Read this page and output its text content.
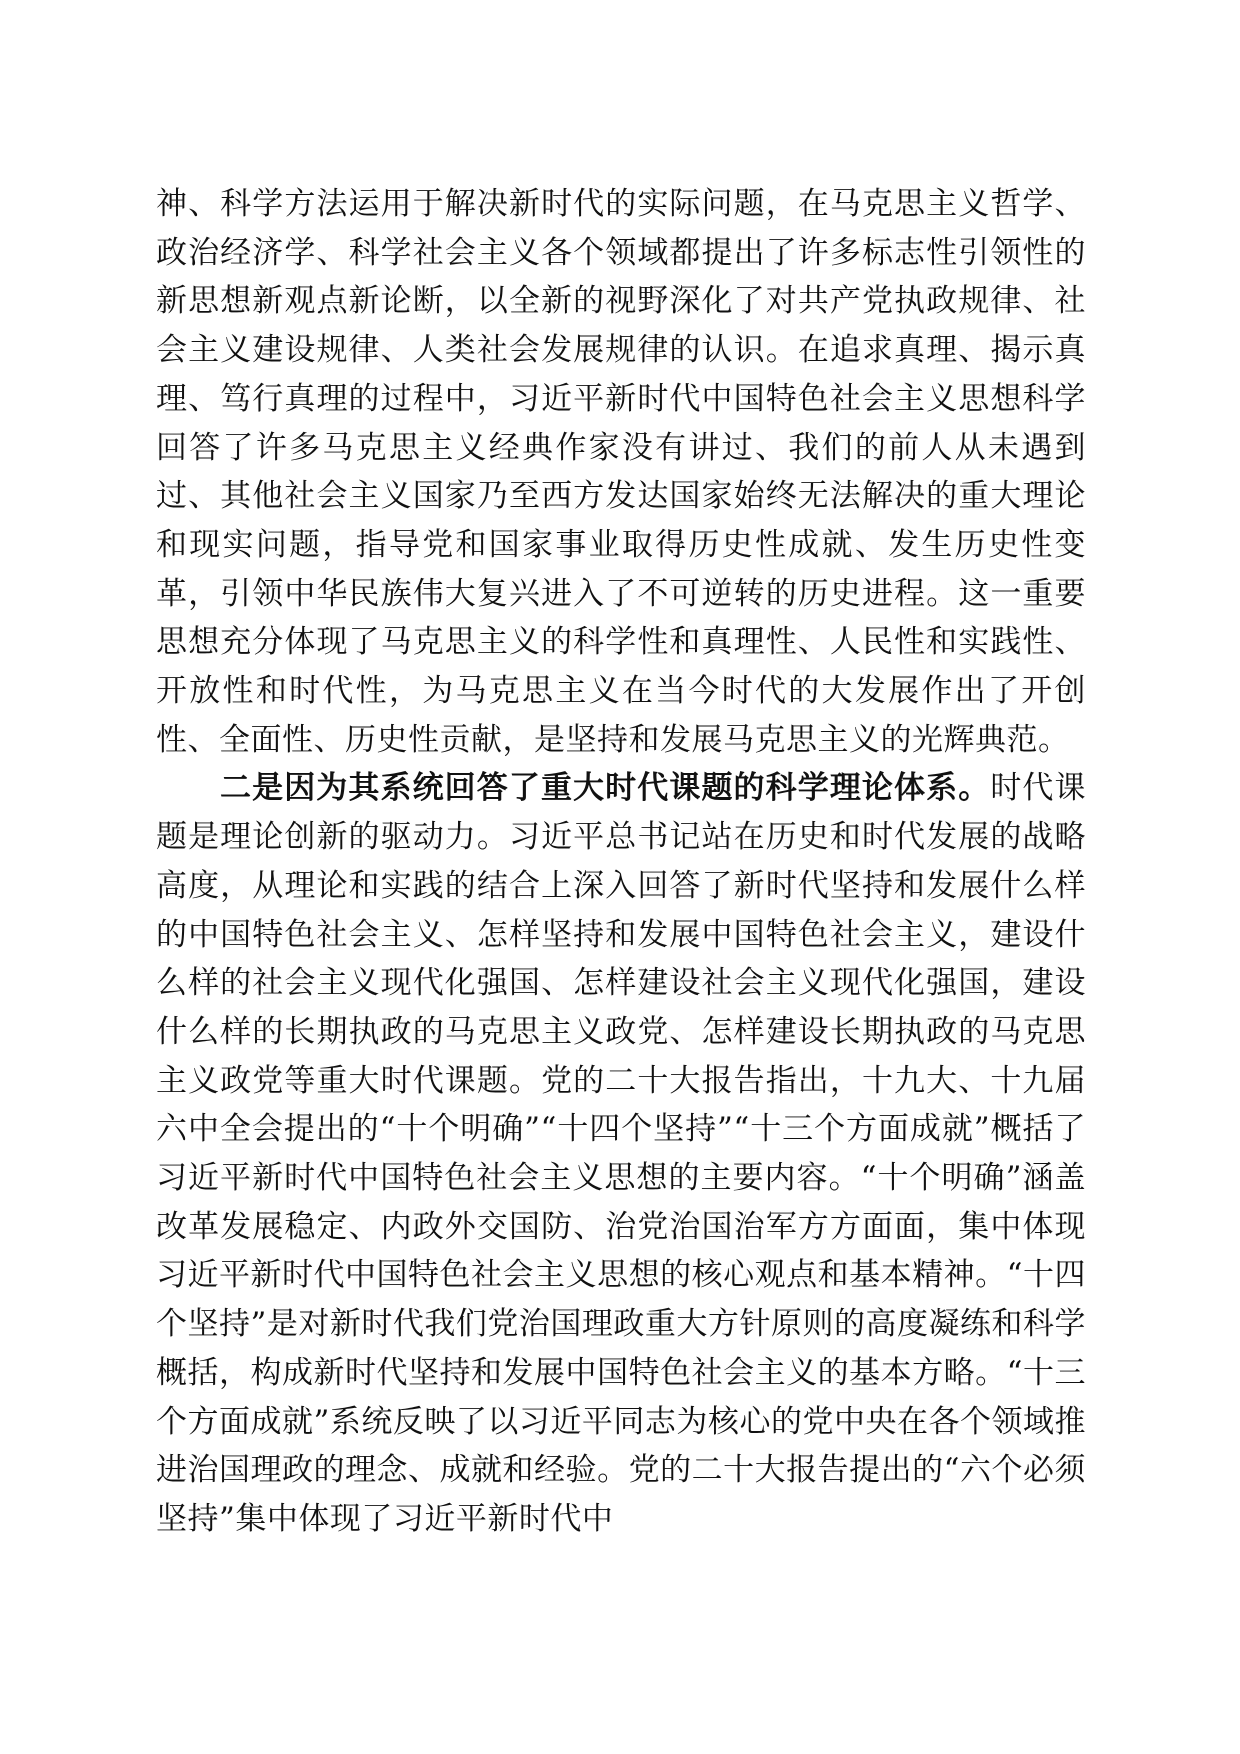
神、科学方法运用于解决新时代的实际问题，在马克思主义哲学、政治经济学、科学社会主义各个领域都提出了许多标志性引领性的新思想新观点新论断，以全新的视野深化了对共产党执政规律、社会主义建设规律、人类社会发展规律的认识。在追求真理、揭示真理、笃行真理的过程中，习近平新时代中国特色社会主义思想科学回答了许多马克思主义经典作家没有讲过、我们的前人从未遇到过、其他社会主义国家乃至西方发达国家始终无法解决的重大理论和现实问题，指导党和国家事业取得历史性成就、发生历史性变革，引领中华民族伟大复兴进入了不可逆转的历史进程。这一重要思想充分体现了马克思主义的科学性和真理性、人民性和实践性、开放性和时代性，为马克思主义在当今时代的大发展作出了开创性、全面性、历史性贡献，是坚持和发展马克思主义的光辉典范。

二是因为其系统回答了重大时代课题的科学理论体系。时代课题是理论创新的驱动力。习近平总书记站在历史和时代发展的战略高度，从理论和实践的结合上深入回答了新时代坚持和发展什么样的中国特色社会主义、怎样坚持和发展中国特色社会主义，建设什么样的社会主义现代化强国、怎样建设社会主义现代化强国，建设什么样的长期执政的马克思主义政党、怎样建设长期执政的马克思主义政党等重大时代课题。党的二十大报告指出，十九大、十九届六中全会提出的“十个明确”“十四个坚持”“十三个方面成就”概括了习近平新时代中国特色社会主义思想的主要内容。“十个明确”涵盖改革发展稳定、内政外交国防、治党治国治军方方面面，集中体现习近平新时代中国特色社会主义思想的核心观点和基本精神。“十四个坚持”是对新时代我们党治国理政重大方针原则的高度凝练和科学概括，构成新时代坚持和发展中国特色社会主义的基本方略。“十三个方面成就”系统反映了以习近平同志为核心的党中央在各个领域推进治国理政的理念、成就和经验。党的二十大报告提出的“六个必须坚持”集中体现了习近平新时代中
